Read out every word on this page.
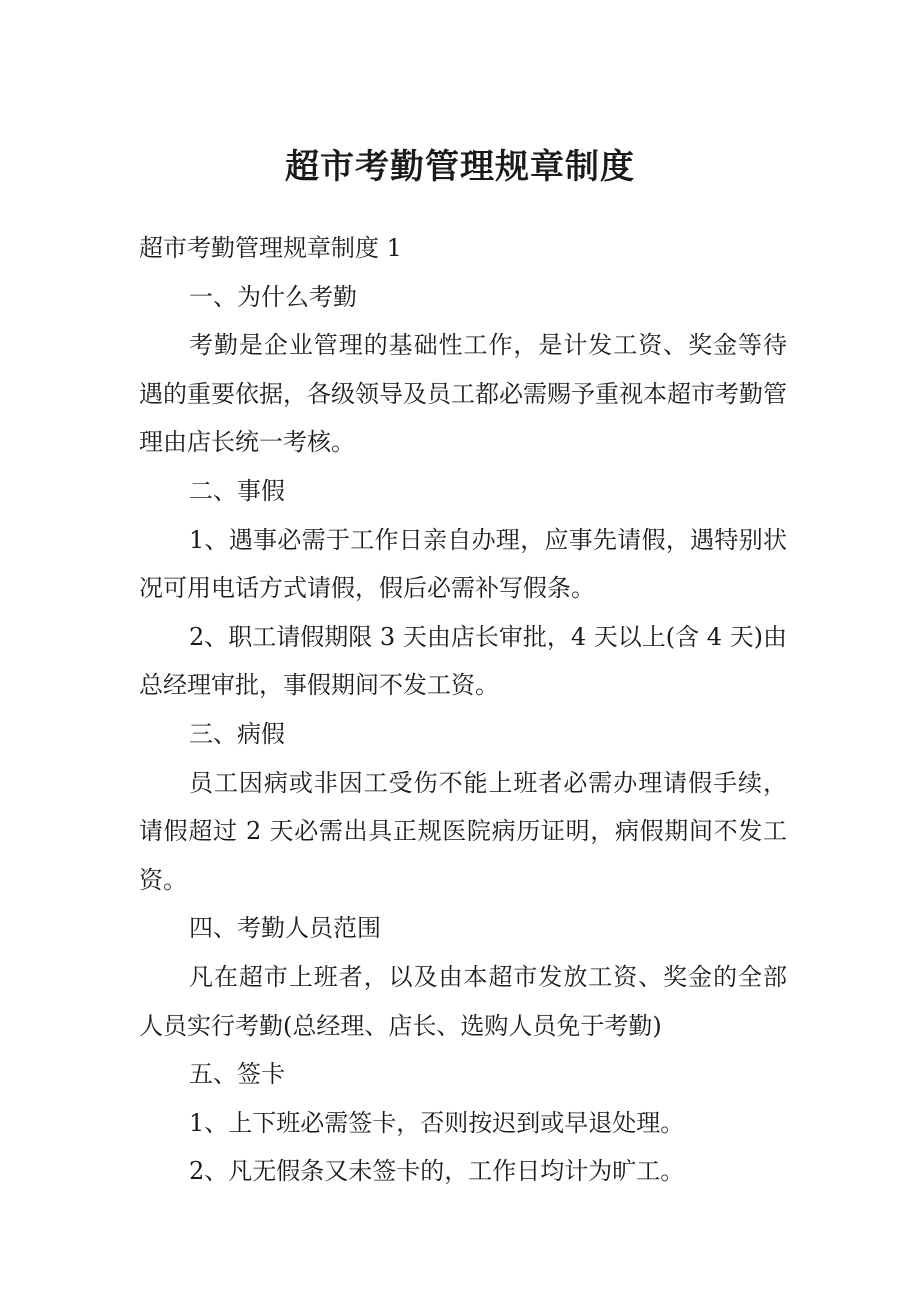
超市考勤管理规章制度

超市考勤管理规章制度 1

一、为什么考勤

考勤是企业管理的基础性工作，是计发工资、奖金等待遇的重要依据，各级领导及员工都必需赐予重视本超市考勤管理由店长统一考核。

二、事假

1、遇事必需于工作日亲自办理，应事先请假，遇特别状况可用电话方式请假，假后必需补写假条。

2、职工请假期限 3 天由店长审批，4 天以上(含 4 天)由总经理审批，事假期间不发工资。

三、病假

员工因病或非因工受伤不能上班者必需办理请假手续，请假超过 2 天必需出具正规医院病历证明，病假期间不发工资。

四、考勤人员范围

凡在超市上班者，以及由本超市发放工资、奖金的全部人员实行考勤(总经理、店长、选购人员免于考勤)

五、签卡

1、上下班必需签卡，否则按迟到或早退处理。

2、凡无假条又未签卡的，工作日均计为旷工。
